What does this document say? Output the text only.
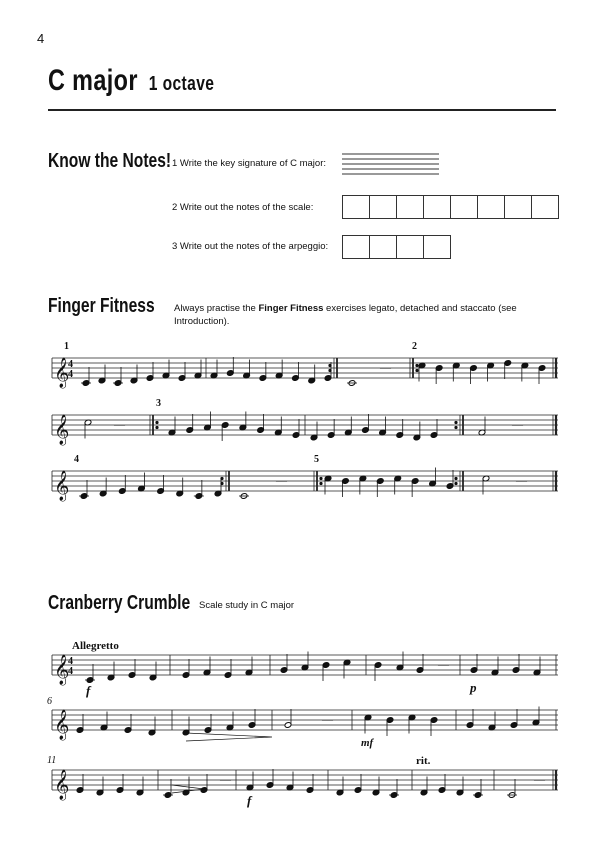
4
C major 1 octave
Know the Notes! 1 Write the key signature of C major:
2 Write out the notes of the scale:
3 Write out the notes of the arpeggio:
Finger Fitness Always practise the Finger Fitness exercises legato, detached and staccato (see Introduction).
𝄞
4
4
—
𝄞	—	—
𝄞	—	—
𝄞
4
4
—
𝄞	—
𝄞	—	—
1	2
3
4	5
Cranberry Crumble Scale study in C major
Allegretto
f	p
6
mf
11	rit.
f
